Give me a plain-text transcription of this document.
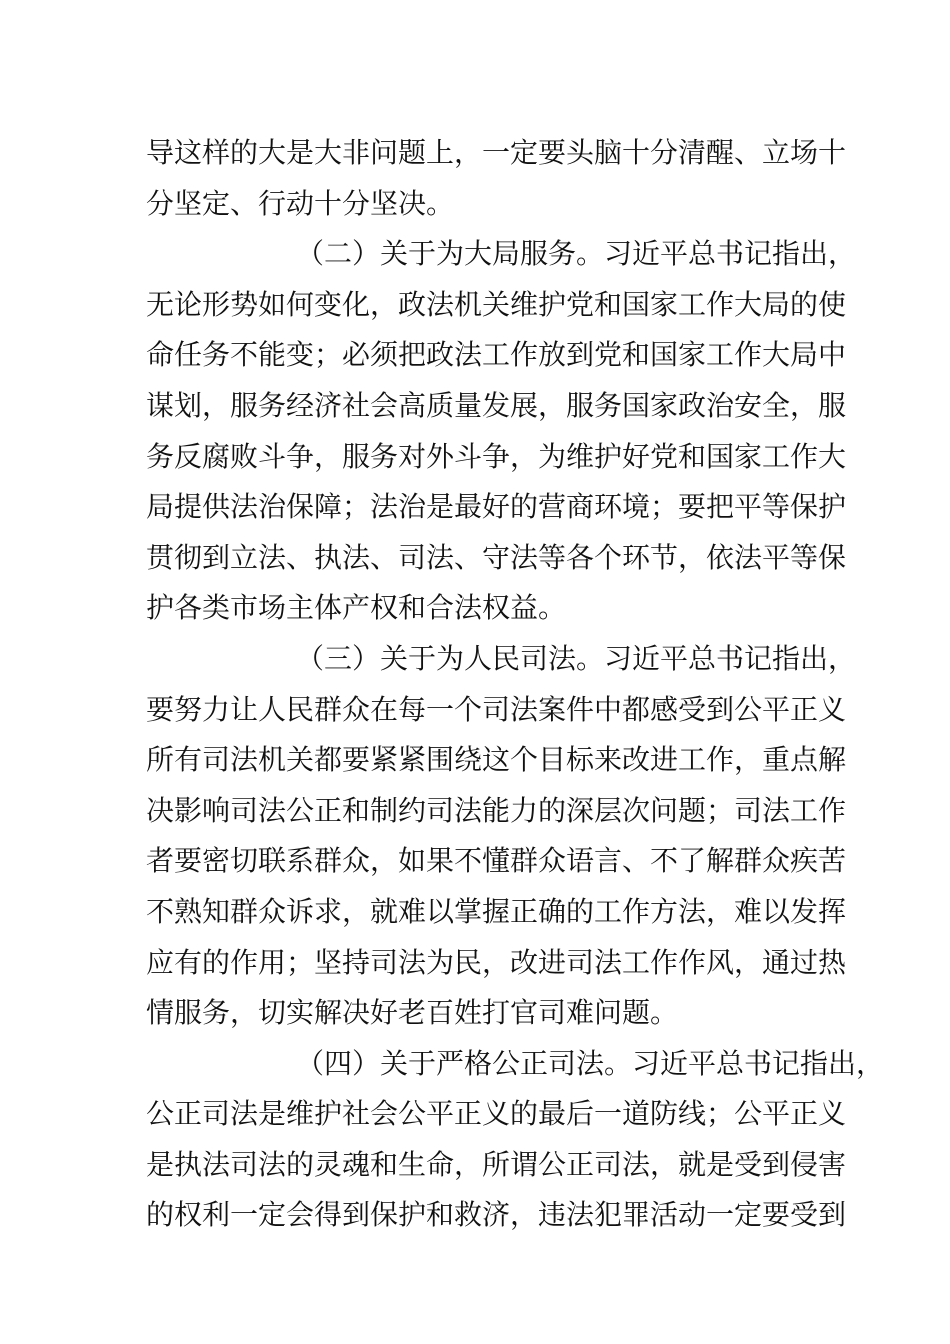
导这样的大是大非问题上，一定要头脑十分清醒、立场十
分坚定、行动十分坚决。
（二）关于为大局服务。习近平总书记指出，
无论形势如何变化，政法机关维护党和国家工作大局的使
命任务不能变；必须把政法工作放到党和国家工作大局中
谋划，服务经济社会高质量发展，服务国家政治安全，服
务反腐败斗争，服务对外斗争，为维护好党和国家工作大
局提供法治保障；法治是最好的营商环境；要把平等保护
贯彻到立法、执法、司法、守法等各个环节，依法平等保
护各类市场主体产权和合法权益。
（三）关于为人民司法。习近平总书记指出，
要努力让人民群众在每一个司法案件中都感受到公平正义
所有司法机关都要紧紧围绕这个目标来改进工作，重点解
决影响司法公正和制约司法能力的深层次问题；司法工作
者要密切联系群众，如果不懂群众语言、不了解群众疾苦
不熟知群众诉求，就难以掌握正确的工作方法，难以发挥
应有的作用；坚持司法为民，改进司法工作作风，通过热
情服务，切实解决好老百姓打官司难问题。
（四）关于严格公正司法。习近平总书记指出，
公正司法是维护社会公平正义的最后一道防线；公平正义
是执法司法的灵魂和生命，所谓公正司法，就是受到侵害
的权利一定会得到保护和救济，违法犯罪活动一定要受到
